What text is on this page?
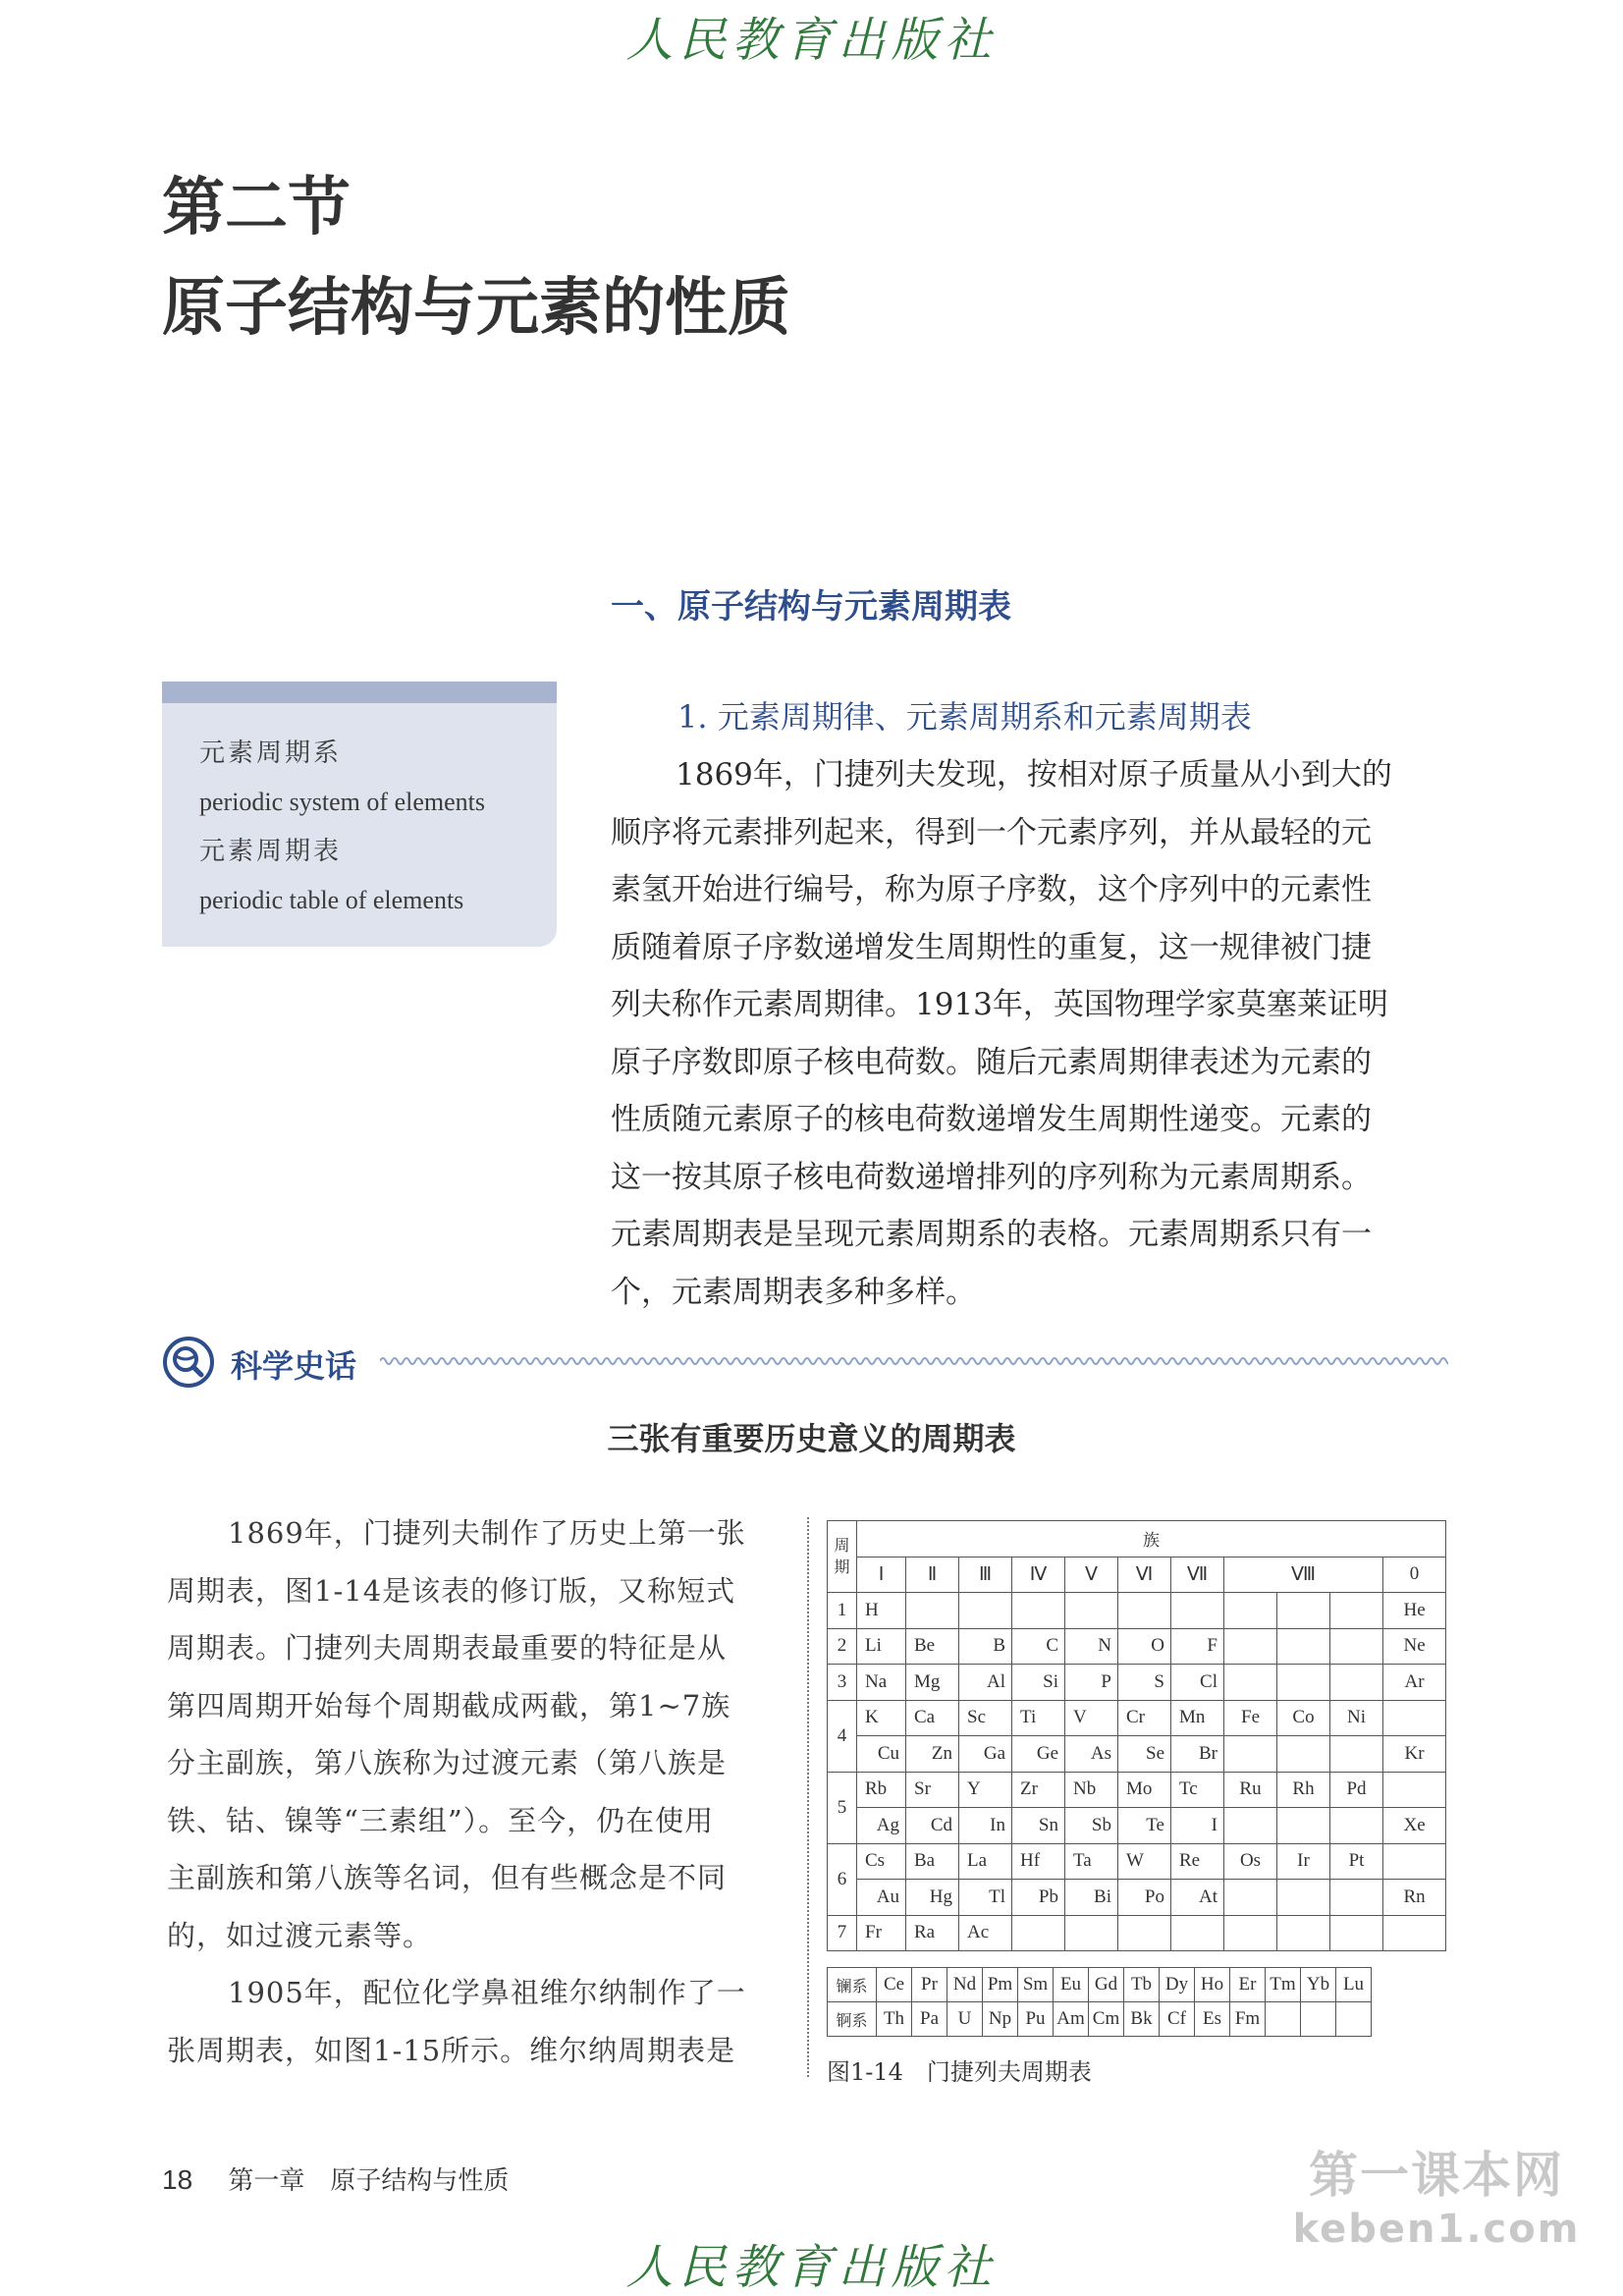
人民教育出版社
第二节
原子结构与元素的性质
一、原子结构与元素周期表
元素周期系
periodic system of elements
元素周期表
periodic table of elements
1. 元素周期律、元素周期系和元素周期表
1869年，门捷列夫发现，按相对原子质量从小到大的
顺序将元素排列起来，得到一个元素序列，并从最轻的元
素氢开始进行编号，称为原子序数，这个序列中的元素性
质随着原子序数递增发生周期性的重复，这一规律被门捷
列夫称作元素周期律。1913年，英国物理学家莫塞莱证明
原子序数即原子核电荷数。随后元素周期律表述为元素的
性质随元素原子的核电荷数递增发生周期性递变。元素的
这一按其原子核电荷数递增排列的序列称为元素周期系。
元素周期表是呈现元素周期系的表格。元素周期系只有一
个，元素周期表多种多样。
科学史话
三张有重要历史意义的周期表
1869年，门捷列夫制作了历史上第一张
周期表，图1-14是该表的修订版，又称短式
周期表。门捷列夫周期表最重要的特征是从
第四周期开始每个周期截成两截，第1~7族
分主副族，第八族称为过渡元素（第八族是
铁、钴、镍等“三素组”）。至今，仍在使用
主副族和第八族等名词，但有些概念是不同
的，如过渡元素等。
1905年，配位化学鼻祖维尔纳制作了一
张周期表，如图1-15所示。维尔纳周期表是
周期	族										
	Ⅰ	Ⅱ	Ⅲ	Ⅳ	Ⅴ	Ⅵ	Ⅶ	Ⅷ			0
1	H										He
2	Li	Be	B	C	N	O	F				Ne
3	Na	Mg	Al	Si	P	S	Cl				Ar
4	K	Ca	Sc	Ti	V	Cr	Mn	Fe	Co	Ni	
	Cu	Zn	Ga	Ge	As	Se	Br				Kr
5	Rb	Sr	Y	Zr	Nb	Mo	Tc	Ru	Rh	Pd	
	Ag	Cd	In	Sn	Sb	Te	I				Xe
6	Cs	Ba	La	Hf	Ta	W	Re	Os	Ir	Pt	
	Au	Hg	Tl	Pb	Bi	Po	At				Rn
7	Fr	Ra	Ac								
镧系	Ce	Pr	Nd	Pm	Sm	Eu	Gd	Tb	Dy	Ho	Er	Tm	Yb	Lu
锕系	Th	Pa	U	Np	Pu	Am	Cm	Bk	Cf	Es	Fm			
图1-14　门捷列夫周期表
18 第一章　原子结构与性质	第一课本网
keben1.com
人民教育出版社
